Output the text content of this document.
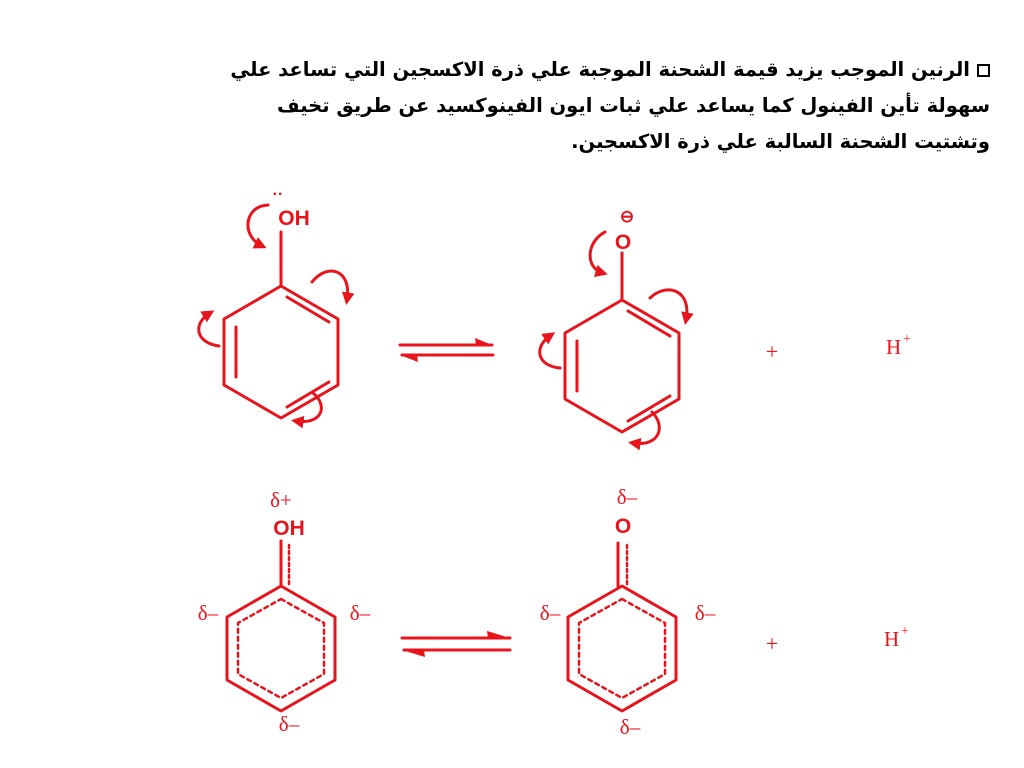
الرنين الموجب يزيد قيمة الشحنة الموجبة علي ذرة الاكسجين التي تساعد علي
سهولة تأين الفينول كما يساعد علي ثبات ايون الفينوكسيد عن طريق تخيف
وتشتيت الشحنة السالبة علي ذرة الاكسجين.
··
OH	⊖
O
+	H +
δ+
OH
δ–	δ–
δ–
δ–
O
δ–	δ–
δ–
+	H +
